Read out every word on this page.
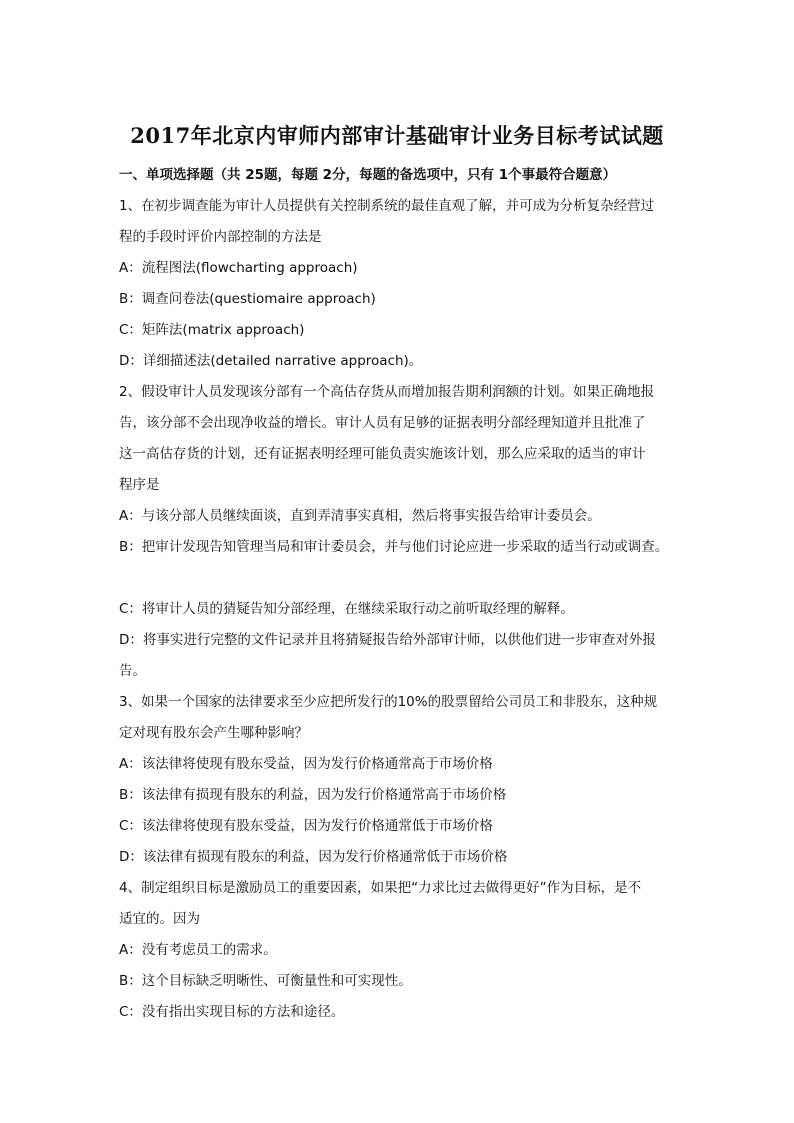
2017年北京内审师内部审计基础审计业务目标考试试题
一、单项选择题（共 25题，每题 2分，每题的备选项中，只有 1个事最符合题意）
1、在初步调查能为审计人员提供有关控制系统的最佳直观了解，并可成为分析复杂经营过
程的手段时评价内部控制的方法是
A：流程图法(flowcharting approach)
B：调查问卷法(questiomaire approach)
C：矩阵法(matrix approach)
D：详细描述法(detailed narrative approach)。
2、假设审计人员发现该分部有一个高估存货从而增加报告期利润额的计划。如果正确地报
告，该分部不会出现净收益的增长。审计人员有足够的证据表明分部经理知道并且批准了
这一高估存货的计划，还有证据表明经理可能负责实施该计划，那么应采取的适当的审计
程序是
A：与该分部人员继续面谈，直到弄清事实真相，然后将事实报告给审计委员会。
B：把审计发现告知管理当局和审计委员会，并与他们讨论应进一步采取的适当行动或调查。
C：将审计人员的猜疑告知分部经理，在继续采取行动之前听取经理的解释。
D：将事实进行完整的文件记录并且将猜疑报告给外部审计师，以供他们进一步审查对外报
告。
3、如果一个国家的法律要求至少应把所发行的10%的股票留给公司员工和非股东，这种规
定对现有股东会产生哪种影响？
A：该法律将使现有股东受益，因为发行价格通常高于市场价格
B：该法律有损现有股东的利益，因为发行价格通常高于市场价格
C：该法律将使现有股东受益，因为发行价格通常低于市场价格
D：该法律有损现有股东的利益，因为发行价格通常低于市场价格
4、制定组织目标是激励员工的重要因素，如果把“力求比过去做得更好”作为目标，是不
适宜的。因为
A：没有考虑员工的需求。
B：这个目标缺乏明晰性、可衡量性和可实现性。
C：没有指出实现目标的方法和途径。
